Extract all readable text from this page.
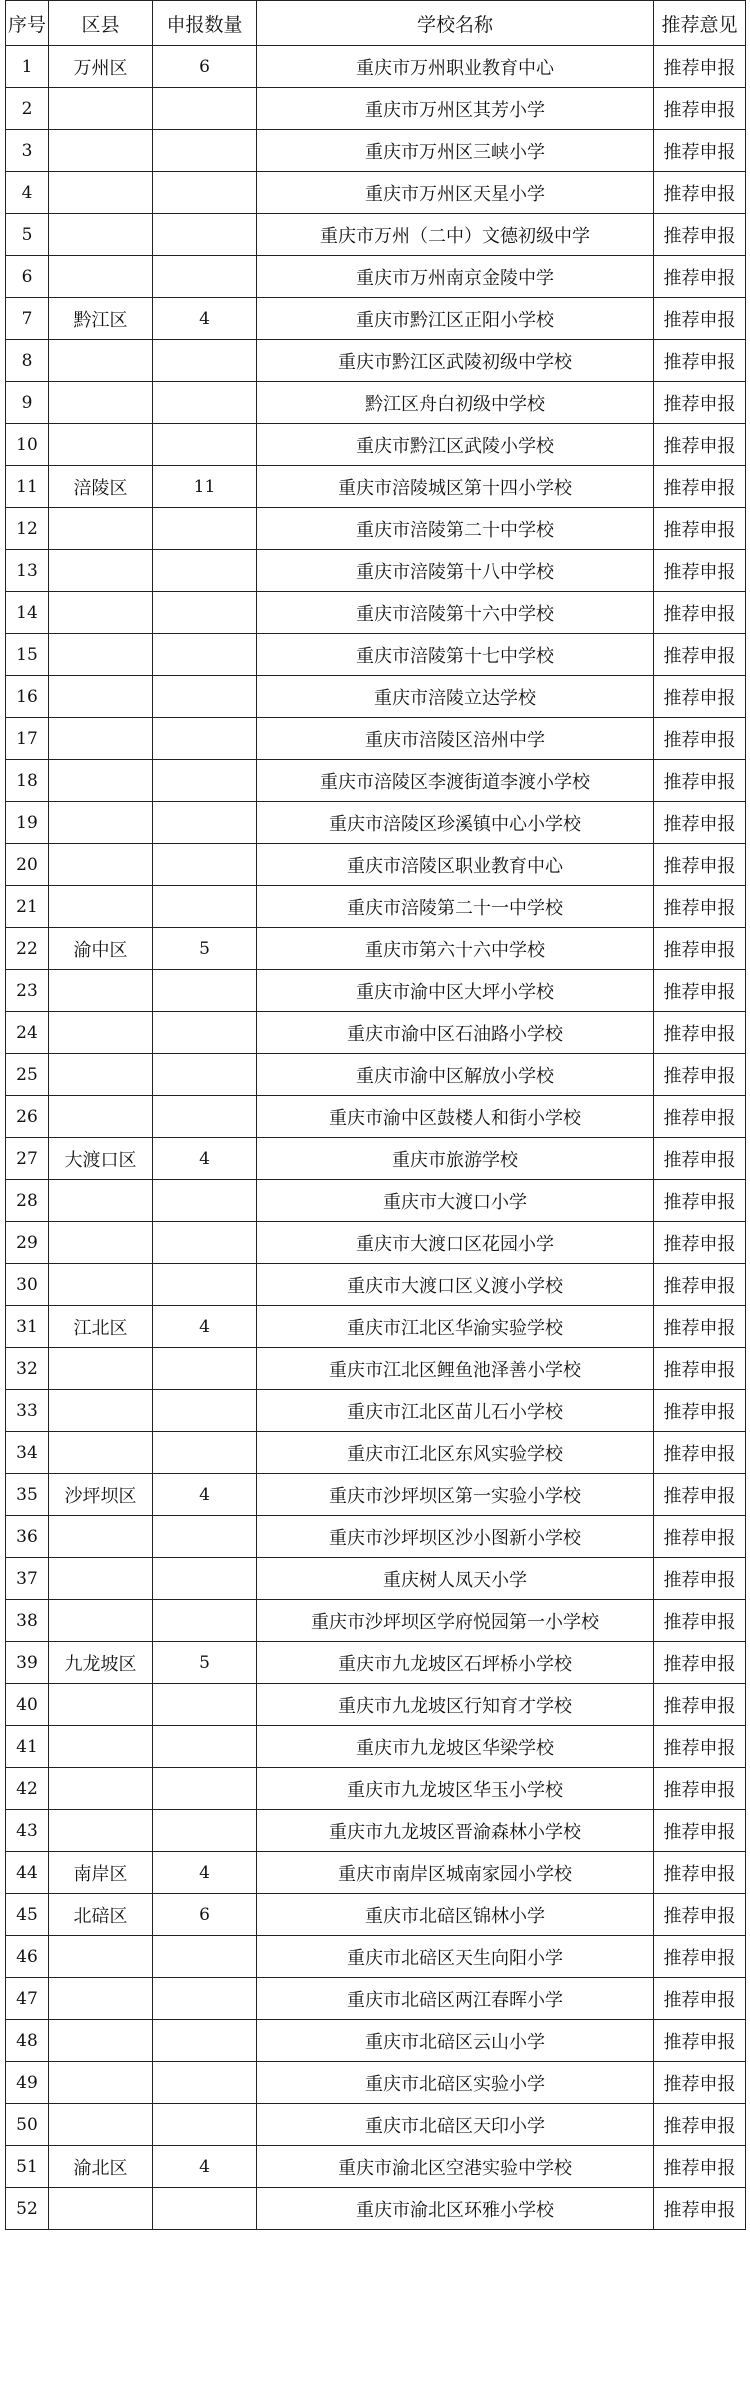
序号	区县	申报数量	学校名称	推荐意见
1	万州区	6	重庆市万州职业教育中心	推荐申报
2			重庆市万州区其芳小学	推荐申报
3			重庆市万州区三峡小学	推荐申报
4			重庆市万州区天星小学	推荐申报
5			重庆市万州（二中）文德初级中学	推荐申报
6			重庆市万州南京金陵中学	推荐申报
7	黔江区	4	重庆市黔江区正阳小学校	推荐申报
8			重庆市黔江区武陵初级中学校	推荐申报
9			黔江区舟白初级中学校	推荐申报
10			重庆市黔江区武陵小学校	推荐申报
11	涪陵区	11	重庆市涪陵城区第十四小学校	推荐申报
12			重庆市涪陵第二十中学校	推荐申报
13			重庆市涪陵第十八中学校	推荐申报
14			重庆市涪陵第十六中学校	推荐申报
15			重庆市涪陵第十七中学校	推荐申报
16			重庆市涪陵立达学校	推荐申报
17			重庆市涪陵区涪州中学	推荐申报
18			重庆市涪陵区李渡街道李渡小学校	推荐申报
19			重庆市涪陵区珍溪镇中心小学校	推荐申报
20			重庆市涪陵区职业教育中心	推荐申报
21			重庆市涪陵第二十一中学校	推荐申报
22	渝中区	5	重庆市第六十六中学校	推荐申报
23			重庆市渝中区大坪小学校	推荐申报
24			重庆市渝中区石油路小学校	推荐申报
25			重庆市渝中区解放小学校	推荐申报
26			重庆市渝中区鼓楼人和街小学校	推荐申报
27	大渡口区	4	重庆市旅游学校	推荐申报
28			重庆市大渡口小学	推荐申报
29			重庆市大渡口区花园小学	推荐申报
30			重庆市大渡口区义渡小学校	推荐申报
31	江北区	4	重庆市江北区华渝实验学校	推荐申报
32			重庆市江北区鲤鱼池泽善小学校	推荐申报
33			重庆市江北区苗儿石小学校	推荐申报
34			重庆市江北区东风实验学校	推荐申报
35	沙坪坝区	4	重庆市沙坪坝区第一实验小学校	推荐申报
36			重庆市沙坪坝区沙小图新小学校	推荐申报
37			重庆树人凤天小学	推荐申报
38			重庆市沙坪坝区学府悦园第一小学校	推荐申报
39	九龙坡区	5	重庆市九龙坡区石坪桥小学校	推荐申报
40			重庆市九龙坡区行知育才学校	推荐申报
41			重庆市九龙坡区华梁学校	推荐申报
42			重庆市九龙坡区华玉小学校	推荐申报
43			重庆市九龙坡区晋渝森林小学校	推荐申报
44	南岸区	4	重庆市南岸区城南家园小学校	推荐申报
45	北碚区	6	重庆市北碚区锦林小学	推荐申报
46			重庆市北碚区天生向阳小学	推荐申报
47			重庆市北碚区两江春晖小学	推荐申报
48			重庆市北碚区云山小学	推荐申报
49			重庆市北碚区实验小学	推荐申报
50			重庆市北碚区天印小学	推荐申报
51	渝北区	4	重庆市渝北区空港实验中学校	推荐申报
52			重庆市渝北区环雅小学校	推荐申报
